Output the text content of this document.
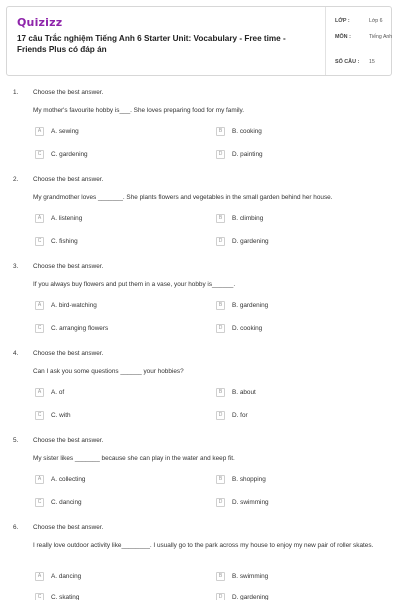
Quizizz
17 câu Trắc nghiệm Tiếng Anh 6 Starter Unit: Vocabulary - Free time - Friends Plus có đáp án
LỚP :	Lớp 6
MÔN :	Tiếng Anh
SỐ CÂU : 15
1. Choose the best answer.
My mother's favourite hobby is___. She loves preparing food for my family.
A	A. sewing	B	B. cooking
C	C. gardening	D	D. painting
2. Choose the best answer.
My grandmother loves _______. She plants flowers and vegetables in the small garden behind her house.
A	A. listening	B	B. climbing
C	C. fishing	D	D. gardening
3. Choose the best answer.
If you always buy flowers and put them in a vase, your hobby is______.
A	A. bird-watching	B	B. gardening
C	C. arranging flowers	D	D. cooking
4. Choose the best answer.
Can I ask you some questions ______ your hobbies?
A	A. of	B	B. about
C	C. with	D	D. for
5. Choose the best answer.
My sister likes _______ because she can play in the water and keep fit.
A	A. collecting	B	B. shopping
C	C. dancing	D	D. swimming
6. Choose the best answer.
I really love outdoor activity like________. I usually go to the park across my house to enjoy my new pair of roller skates.
A	A. dancing	B	B. swimming
C	C. skating	D	D. gardening
